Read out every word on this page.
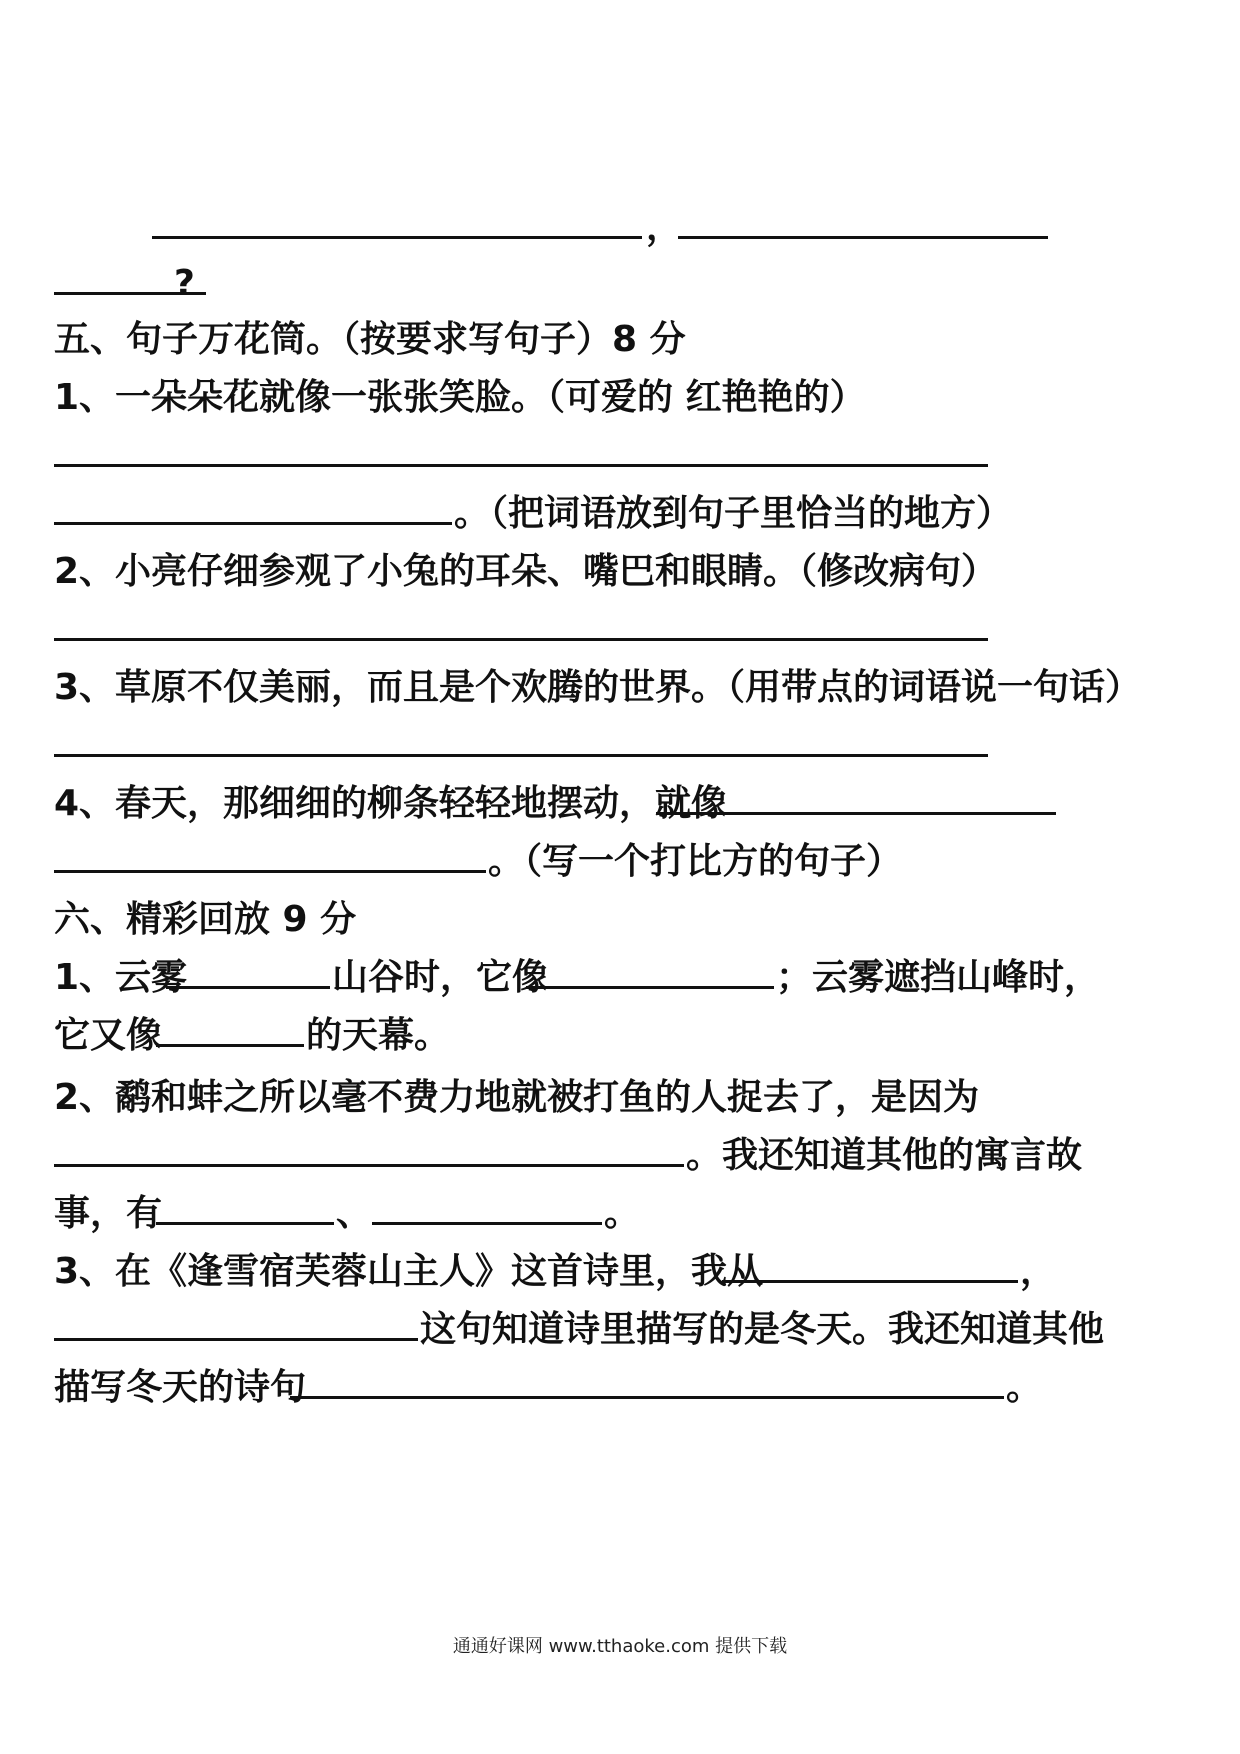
，
?
五、句子万花筒。（按要求写句子）8 分
1、一朵朵花就像一张张笑脸。（可爱的 红艳艳的）
。（把词语放到句子里恰当的地方）
2、小亮仔细参观了小兔的耳朵、嘴巴和眼睛。（修改病句）
3、草原不仅美丽，而且是个欢腾的世界。（用带点的词语说一句话）
4、春天，那细细的柳条轻轻地摆动，就像
。（写一个打比方的句子）
六、精彩回放 9 分
1、云雾	山谷时，它像	；云雾遮挡山峰时，
它又像	的天幕。
2、鹬和蚌之所以毫不费力地就被打鱼的人捉去了，是因为
。我还知道其他的寓言故
事，有	、	。
3、在《逢雪宿芙蓉山主人》这首诗里，我从	，
这句知道诗里描写的是冬天。我还知道其他
描写冬天的诗句	。
通通好课网 www.tthaoke.com 提供下载
